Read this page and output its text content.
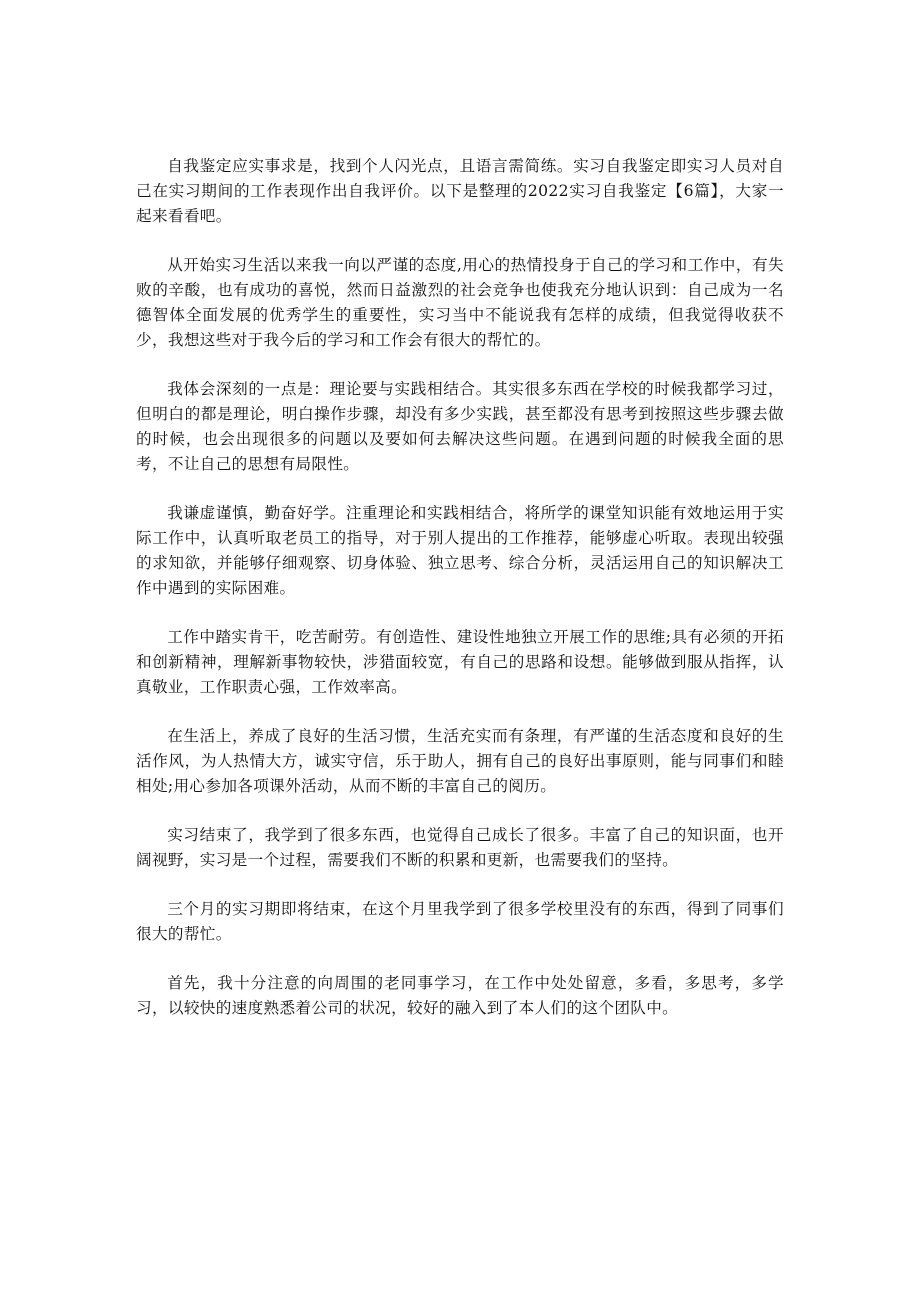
自我鉴定应实事求是，找到个人闪光点，且语言需简练。实习自我鉴定即实习人员对自己在实习期间的工作表现作出自我评价。以下是整理的2022实习自我鉴定【6篇】，大家一起来看看吧。

从开始实习生活以来我一向以严谨的态度,用心的热情投身于自己的学习和工作中，有失败的辛酸，也有成功的喜悦，然而日益激烈的社会竞争也使我充分地认识到：自己成为一名德智体全面发展的优秀学生的重要性，实习当中不能说我有怎样的成绩，但我觉得收获不少，我想这些对于我今后的学习和工作会有很大的帮忙的。

我体会深刻的一点是：理论要与实践相结合。其实很多东西在学校的时候我都学习过，但明白的都是理论，明白操作步骤，却没有多少实践，甚至都没有思考到按照这些步骤去做的时候，也会出现很多的问题以及要如何去解决这些问题。在遇到问题的时候我全面的思考，不让自己的思想有局限性。

我谦虚谨慎，勤奋好学。注重理论和实践相结合，将所学的课堂知识能有效地运用于实际工作中，认真听取老员工的指导，对于别人提出的工作推荐，能够虚心听取。表现出较强的求知欲，并能够仔细观察、切身体验、独立思考、综合分析，灵活运用自己的知识解决工作中遇到的实际困难。

工作中踏实肯干，吃苦耐劳。有创造性、建设性地独立开展工作的思维;具有必须的开拓和创新精神，理解新事物较快，涉猎面较宽，有自己的思路和设想。能够做到服从指挥，认真敬业，工作职责心强，工作效率高。

在生活上，养成了良好的生活习惯，生活充实而有条理，有严谨的生活态度和良好的生活作风，为人热情大方，诚实守信，乐于助人，拥有自己的良好出事原则，能与同事们和睦相处;用心参加各项课外活动，从而不断的丰富自己的阅历。

实习结束了，我学到了很多东西，也觉得自己成长了很多。丰富了自己的知识面，也开阔视野，实习是一个过程，需要我们不断的积累和更新，也需要我们的坚持。

三个月的实习期即将结束，在这个月里我学到了很多学校里没有的东西，得到了同事们很大的帮忙。

首先，我十分注意的向周围的老同事学习，在工作中处处留意，多看，多思考，多学习，以较快的速度熟悉着公司的状况，较好的融入到了本人们的这个团队中。
